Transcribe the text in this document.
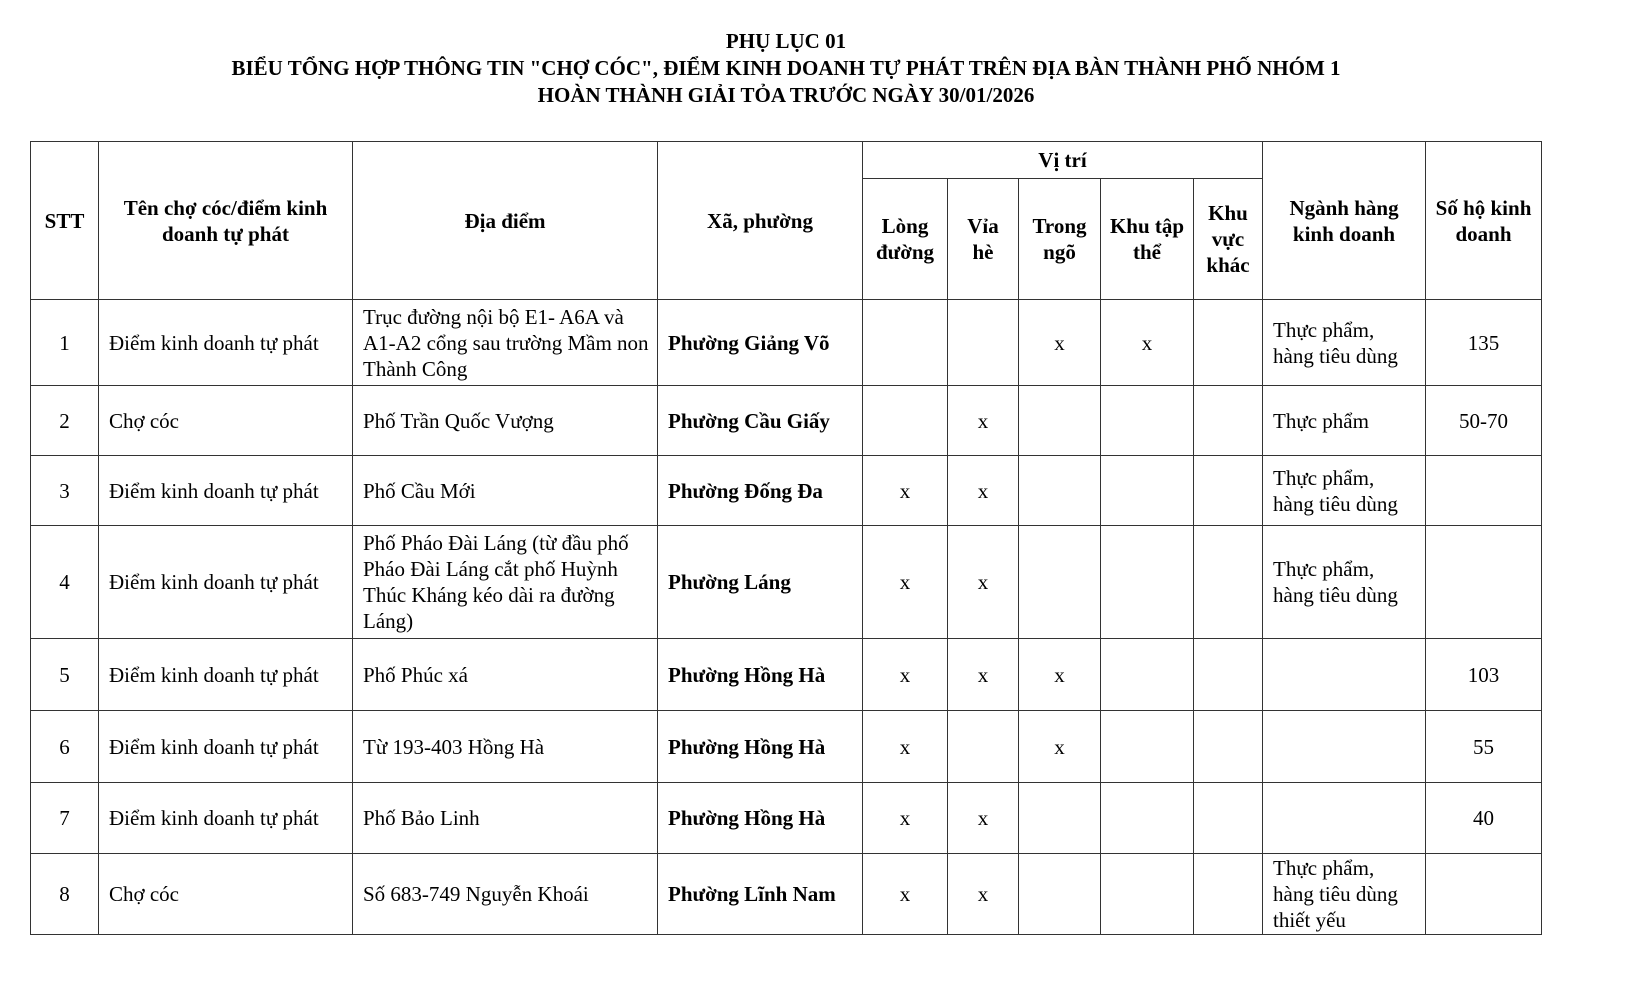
PHỤ LỤC 01
BIỂU TỔNG HỢP THÔNG TIN "CHỢ CÓC", ĐIỂM KINH DOANH TỰ PHÁT TRÊN ĐỊA BÀN THÀNH PHỐ NHÓM 1
HOÀN THÀNH GIẢI TỎA TRƯỚC NGÀY 30/01/2026
STT	Tên chợ cóc/điểm kinh doanh tự phát	Địa điểm	Xã, phường	Vị trí					Ngành hàng kinh doanh	Số hộ kinh doanh
				Lòng đường	Vỉa hè	Trong ngõ	Khu tập thể	Khu vực khác		
1	Điểm kinh doanh tự phát	Trục đường nội bộ E1- A6A và A1-A2 cổng sau trường Mầm non Thành Công	Phường Giảng Võ			x	x		Thực phẩm, hàng tiêu dùng	135
2	Chợ cóc	Phố Trần Quốc Vượng	Phường Cầu Giấy		x				Thực phẩm	50-70
3	Điểm kinh doanh tự phát	Phố Cầu Mới	Phường Đống Đa	x	x				Thực phẩm, hàng tiêu dùng	
4	Điểm kinh doanh tự phát	Phố Pháo Đài Láng (từ đầu phố Pháo Đài Láng cắt phố Huỳnh Thúc Kháng kéo dài ra đường Láng)	Phường Láng	x	x				Thực phẩm, hàng tiêu dùng	
5	Điểm kinh doanh tự phát	Phố Phúc xá	Phường Hồng Hà	x	x	x				103
6	Điểm kinh doanh tự phát	Từ 193-403 Hồng Hà	Phường Hồng Hà	x		x				55
7	Điểm kinh doanh tự phát	Phố Bảo Linh	Phường Hồng Hà	x	x					40
8	Chợ cóc	Số 683-749 Nguyễn Khoái	Phường Lĩnh Nam	x	x				Thực phẩm, hàng tiêu dùng thiết yếu	
